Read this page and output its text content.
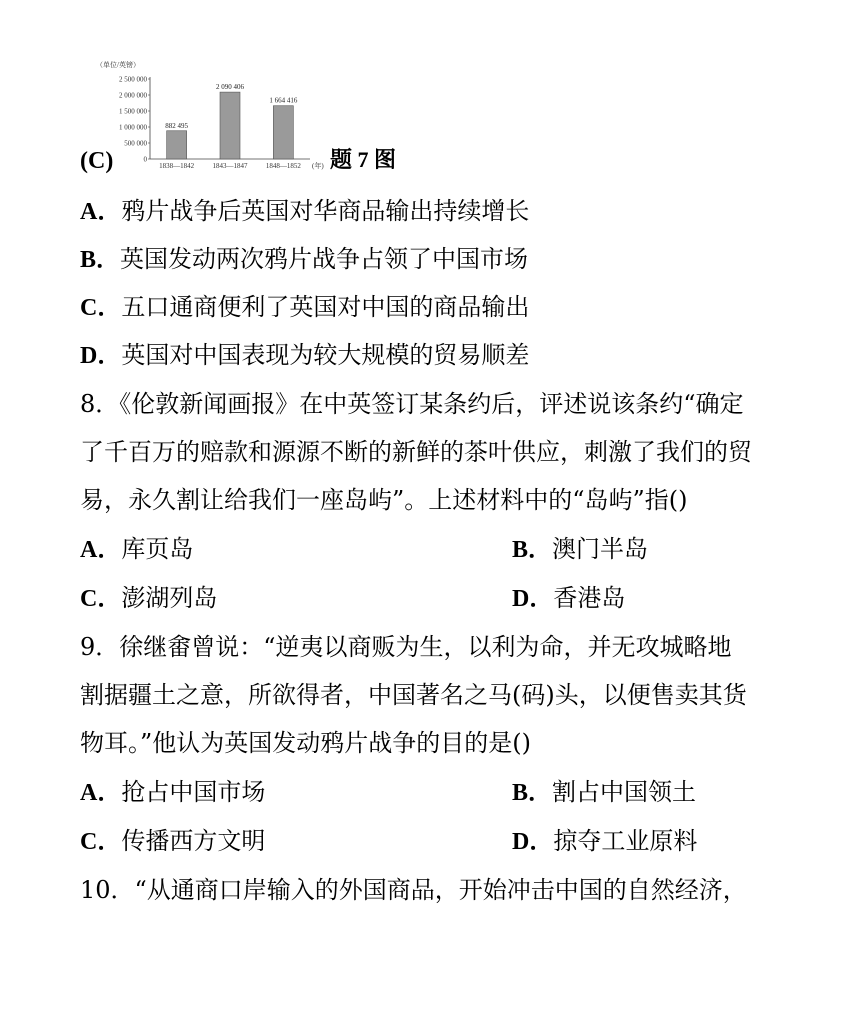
(C)
（单位/英镑）
2 500 000
2 000 000
1 500 000
1 000 000
500 000
0
882 495
1838—1842
2 090 406
1843—1847
1 664 416
1848—1852 (年) 题 7 图
A．鸦片战争后英国对华商品输出持续增长
B．英国发动两次鸦片战争占领了中国市场
C．五口通商便利了英国对中国的商品输出
D．英国对中国表现为较大规模的贸易顺差
8．《伦敦新闻画报》在中英签订某条约后，评述说该条约“确定
了千百万的赔款和源源不断的新鲜的茶叶供应，刺激了我们的贸
易，永久割让给我们一座岛屿”。上述材料中的“岛屿”指()
A．库页岛	B．澳门半岛
C．澎湖列岛	D．香港岛
9．徐继畬曾说：“逆夷以商贩为生，以利为命，并无攻城略地
割据疆土之意，所欲得者，中国著名之马(码)头，以便售卖其货
物耳。”他认为英国发动鸦片战争的目的是()
A．抢占中国市场	B．割占中国领土
C．传播西方文明	D．掠夺工业原料
10．“从通商口岸输入的外国商品，开始冲击中国的自然经济，
